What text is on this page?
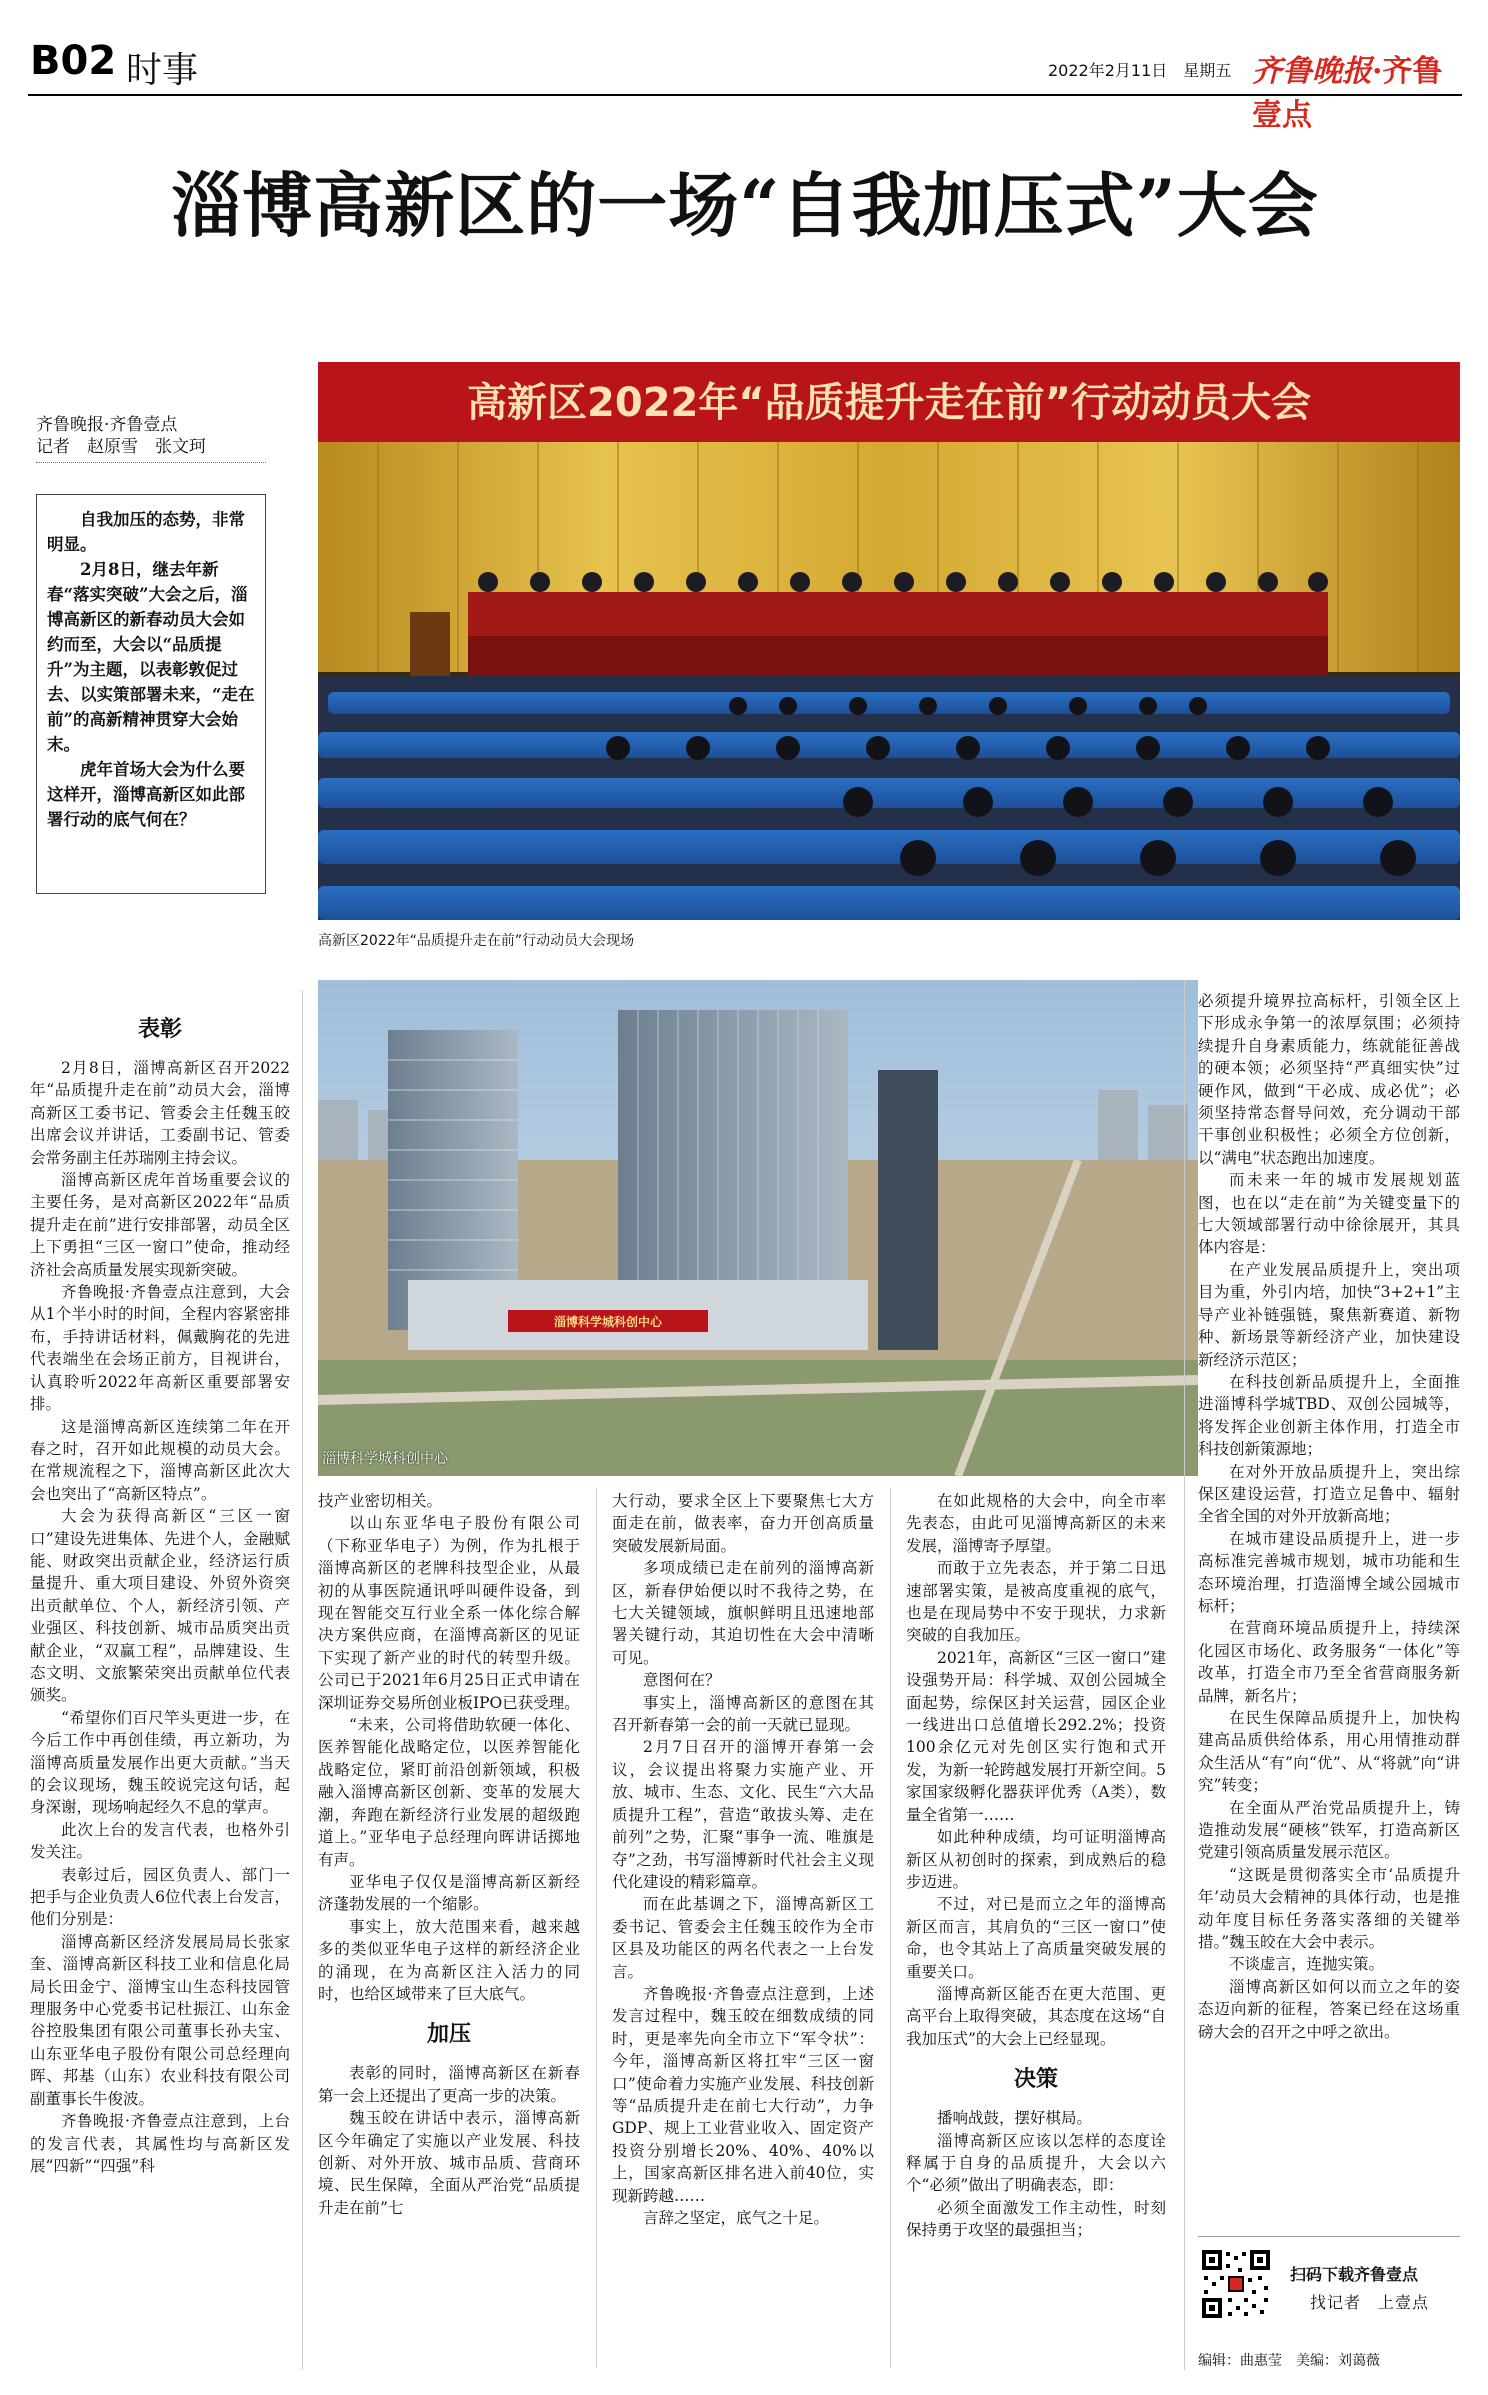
B02 时事	2022年2月11日　星期五 齐鲁晚报·齐鲁壹点
淄博高新区的一场“自我加压式”大会
齐鲁晚报·齐鲁壹点
记者　赵原雪　张文珂

自我加压的态势，非常明显。

2月8日，继去年新春“落实突破”大会之后，淄博高新区的新春动员大会如约而至，大会以“品质提升”为主题，以表彰敦促过去、以实策部署未来，“走在前”的高新精神贯穿大会始末。

虎年首场大会为什么要这样开，淄博高新区如此部署行动的底气何在？

高新区2022年“品质提升走在前”行动动员大会
高新区2022年“品质提升走在前”行动动员大会现场
淄博科学城科创中心
淄博科学城科创中心

表彰

2月8日，淄博高新区召开2022年“品质提升走在前”动员大会，淄博高新区工委书记、管委会主任魏玉皎出席会议并讲话，工委副书记、管委会常务副主任苏瑞刚主持会议。

淄博高新区虎年首场重要会议的主要任务，是对高新区2022年“品质提升走在前”进行安排部署，动员全区上下勇担“三区一窗口”使命，推动经济社会高质量发展实现新突破。

齐鲁晚报·齐鲁壹点注意到，大会从1个半小时的时间，全程内容紧密排布，手持讲话材料，佩戴胸花的先进代表端坐在会场正前方，目视讲台，认真聆听2022年高新区重要部署安排。

这是淄博高新区连续第二年在开春之时，召开如此规模的动员大会。在常规流程之下，淄博高新区此次大会也突出了“高新区特点”。

大会为获得高新区“三区一窗口”建设先进集体、先进个人，金融赋能、财政突出贡献企业，经济运行质量提升、重大项目建设、外贸外资突出贡献单位、个人，新经济引领、产业强区、科技创新、城市品质突出贡献企业，“双赢工程”，品牌建设、生态文明、文旅繁荣突出贡献单位代表颁奖。

“希望你们百尺竿头更进一步，在今后工作中再创佳绩，再立新功，为淄博高质量发展作出更大贡献。”当天的会议现场，魏玉皎说完这句话，起身深谢，现场响起经久不息的掌声。

此次上台的发言代表，也格外引发关注。

表彰过后，园区负责人、部门一把手与企业负责人6位代表上台发言，他们分别是：

淄博高新区经济发展局局长张家奎、淄博高新区科技工业和信息化局局长田金宁、淄博宝山生态科技园管理服务中心党委书记杜振江、山东金谷控股集团有限公司董事长孙夫宝、山东亚华电子股份有限公司总经理向晖、邦基（山东）农业科技有限公司副董事长牛俊波。

齐鲁晚报·齐鲁壹点注意到，上台的发言代表，其属性均与高新区发展“四新”“四强”科

技产业密切相关。

以山东亚华电子股份有限公司（下称亚华电子）为例，作为扎根于淄博高新区的老牌科技型企业，从最初的从事医院通讯呼叫硬件设备，到现在智能交互行业全系一体化综合解决方案供应商，在淄博高新区的见证下实现了新产业的时代的转型升级。公司已于2021年6月25日正式申请在深圳证券交易所创业板IPO已获受理。

“未来，公司将借助软硬一体化、医养智能化战略定位，以医养智能化战略定位，紧盯前沿创新领域，积极融入淄博高新区创新、变革的发展大潮，奔跑在新经济行业发展的超级跑道上。”亚华电子总经理向晖讲话掷地有声。

亚华电子仅仅是淄博高新区新经济蓬勃发展的一个缩影。

事实上，放大范围来看，越来越多的类似亚华电子这样的新经济企业的涌现，在为高新区注入活力的同时，也给区域带来了巨大底气。

加压

表彰的同时，淄博高新区在新春第一会上还提出了更高一步的决策。

魏玉皎在讲话中表示，淄博高新区今年确定了实施以产业发展、科技创新、对外开放、城市品质、营商环境、民生保障，全面从严治党“品质提升走在前”七

大行动，要求全区上下要聚焦七大方面走在前，做表率，奋力开创高质量突破发展新局面。

多项成绩已走在前列的淄博高新区，新春伊始便以时不我待之势，在七大关键领域，旗帜鲜明且迅速地部署关键行动，其迫切性在大会中清晰可见。

意图何在？

事实上，淄博高新区的意图在其召开新春第一会的前一天就已显现。

2月7日召开的淄博开春第一会议，会议提出将聚力实施产业、开放、城市、生态、文化、民生“六大品质提升工程”，营造“敢拔头筹、走在前列”之势，汇聚“事争一流、唯旗是夺”之劲，书写淄博新时代社会主义现代化建设的精彩篇章。

而在此基调之下，淄博高新区工委书记、管委会主任魏玉皎作为全市区县及功能区的两名代表之一上台发言。

齐鲁晚报·齐鲁壹点注意到，上述发言过程中，魏玉皎在细数成绩的同时，更是率先向全市立下“军令状”：今年，淄博高新区将扛牢“三区一窗口”使命着力实施产业发展、科技创新等“品质提升走在前七大行动”，力争GDP、规上工业营业收入、固定资产投资分别增长20%、40%、40%以上，国家高新区排名进入前40位，实现新跨越……

言辞之坚定，底气之十足。

在如此规格的大会中，向全市率先表态，由此可见淄博高新区的未来发展，淄博寄予厚望。

而敢于立先表态，并于第二日迅速部署实策，是被高度重视的底气，也是在现局势中不安于现状，力求新突破的自我加压。

2021年，高新区“三区一窗口”建设强势开局：科学城、双创公园城全面起势，综保区封关运营，园区企业一线进出口总值增长292.2%；投资100余亿元对先创区实行饱和式开发，为新一轮跨越发展打开新空间。5家国家级孵化器获评优秀（A类），数量全省第一……

如此种种成绩，均可证明淄博高新区从初创时的探索，到成熟后的稳步迈进。

不过，对已是而立之年的淄博高新区而言，其肩负的“三区一窗口”使命，也令其站上了高质量突破发展的重要关口。

淄博高新区能否在更大范围、更高平台上取得突破，其态度在这场“自我加压式”的大会上已经显现。

决策

播响战鼓，摆好棋局。

淄博高新区应该以怎样的态度诠释属于自身的品质提升，大会以六个“必须”做出了明确表态，即：

必须全面激发工作主动性，时刻保持勇于攻坚的最强担当；

必须提升境界拉高标杆，引领全区上下形成永争第一的浓厚氛围；必须持续提升自身素质能力，练就能征善战的硬本领；必须坚持“严真细实快”过硬作风，做到“干必成、成必优”；必须坚持常态督导问效，充分调动干部干事创业积极性；必须全方位创新，以“满电”状态跑出加速度。

而未来一年的城市发展规划蓝图，也在以“走在前”为关键变量下的七大领域部署行动中徐徐展开，其具体内容是：

在产业发展品质提升上，突出项目为重，外引内培，加快“3+2+1”主导产业补链强链，聚焦新赛道、新物种、新场景等新经济产业，加快建设新经济示范区；

在科技创新品质提升上，全面推进淄博科学城TBD、双创公园城等，将发挥企业创新主体作用，打造全市科技创新策源地；

在对外开放品质提升上，突出综保区建设运营，打造立足鲁中、辐射全省全国的对外开放新高地；

在城市建设品质提升上，进一步高标准完善城市规划，城市功能和生态环境治理，打造淄博全域公园城市标杆；

在营商环境品质提升上，持续深化园区市场化、政务服务“一体化”等改革，打造全市乃至全省营商服务新品牌，新名片；

在民生保障品质提升上，加快构建高品质供给体系，用心用情推动群众生活从“有”向“优”、从“将就”向“讲究”转变；

在全面从严治党品质提升上，铸造推动发展“硬核”铁军，打造高新区党建引领高质量发展示范区。

“这既是贯彻落实全市‘品质提升年’动员大会精神的具体行动，也是推动年度目标任务落实落细的关键举措。”魏玉皎在大会中表示。

不谈虚言，连抛实策。

淄博高新区如何以而立之年的姿态迈向新的征程，答案已经在这场重磅大会的召开之中呼之欲出。

扫码下载齐鲁壹点
找记者　上壹点
编辑：曲惠莹　美编：刘蔼薇
